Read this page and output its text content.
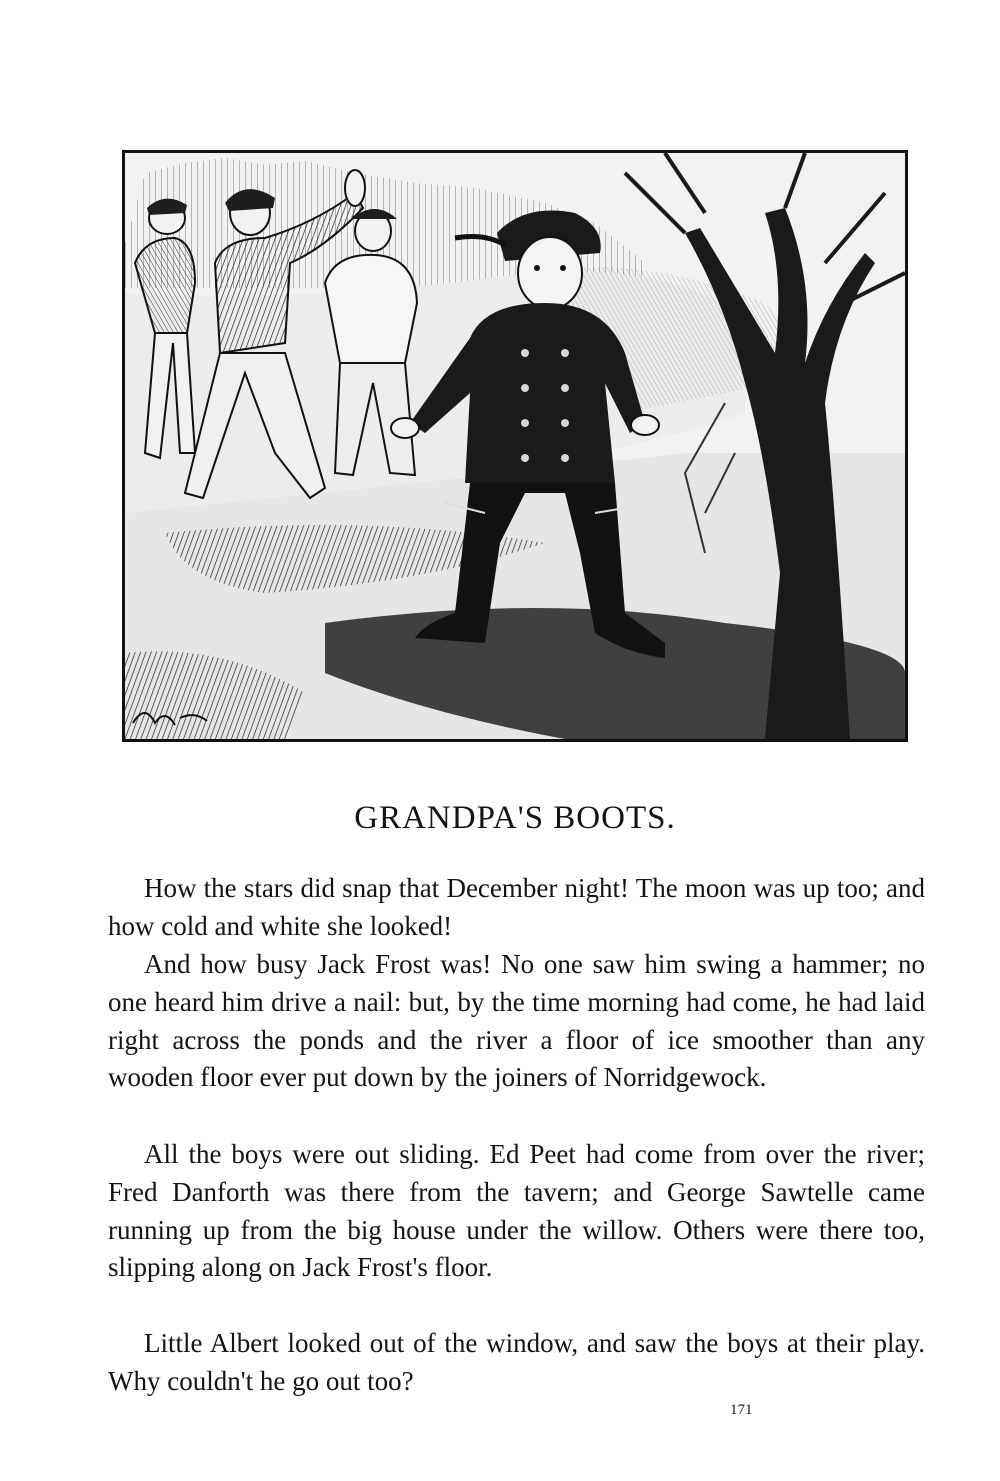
GRANDPA'S BOOTS.

How the stars did snap that December night! The moon was up too; and how cold and white she looked!

And how busy Jack Frost was! No one saw him swing a hammer; no one heard him drive a nail: but, by the time morning had come, he had laid right across the ponds and the river a floor of ice smoother than any wooden floor ever put down by the joiners of Norridgewock.

All the boys were out sliding. Ed Peet had come from over the river; Fred Danforth was there from the tavern; and George Sawtelle came running up from the big house under the willow. Others were there too, slipping along on Jack Frost's floor.

Little Albert looked out of the window, and saw the boys at their play. Why couldn't he go out too?

171
